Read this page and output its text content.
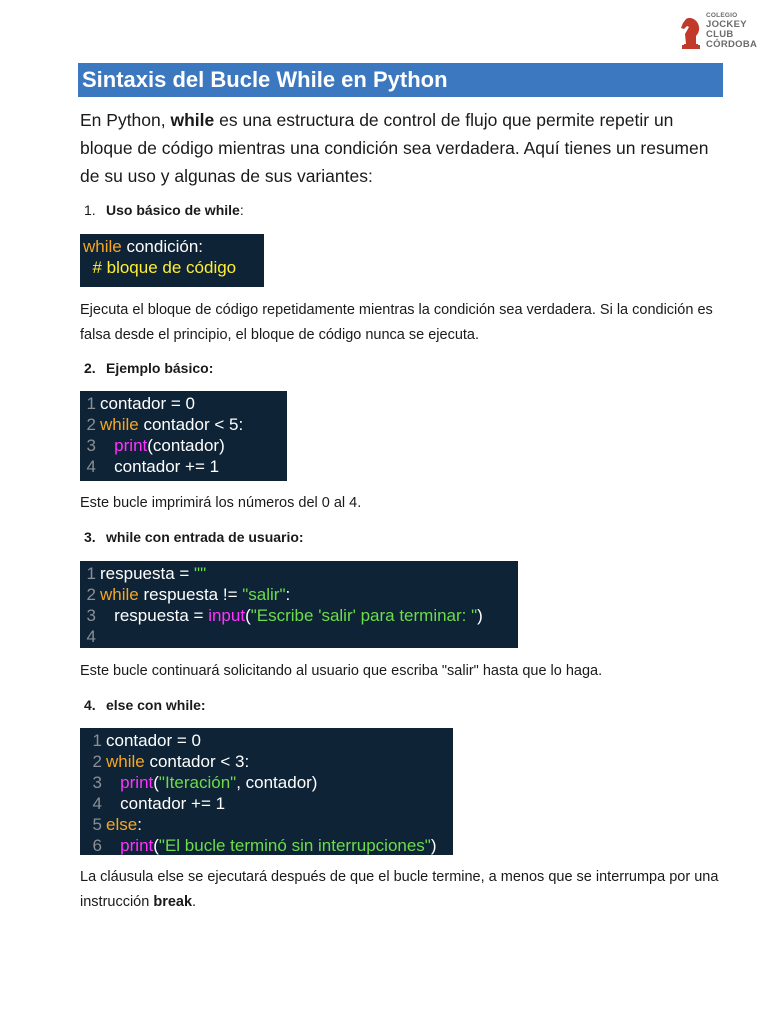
COLEGIO
JOCKEY
CLUB
CÓRDOBA
Sintaxis del Bucle While en Python
En Python, while es una estructura de control de flujo que permite repetir un bloque de código mientras una condición sea verdadera. Aquí tienes un resumen de su uso y algunas de sus variantes:
1. Uso básico de while:
while condición:
# bloque de código
Ejecuta el bloque de código repetidamente mientras la condición sea verdadera. Si la condición es falsa desde el principio, el bloque de código nunca se ejecuta.
2. Ejemplo básico:
1 contador = 0
2 while contador < 5:
3	print(contador)
4 contador += 1
Este bucle imprimirá los números del 0 al 4.
3. while con entrada de usuario:
1 respuesta = ""
2 while respuesta != "salir":
3 respuesta = input("Escribe 'salir' para terminar: ")
4
Este bucle continuará solicitando al usuario que escriba "salir" hasta que lo haga.
4. else con while:
1 contador = 0
2 while contador < 3:
3	print("Iteración", contador)
4 contador += 1
5 else:
6	print("El bucle terminó sin interrupciones")
La cláusula else se ejecutará después de que el bucle termine, a menos que se interrumpa por una instrucción break.
